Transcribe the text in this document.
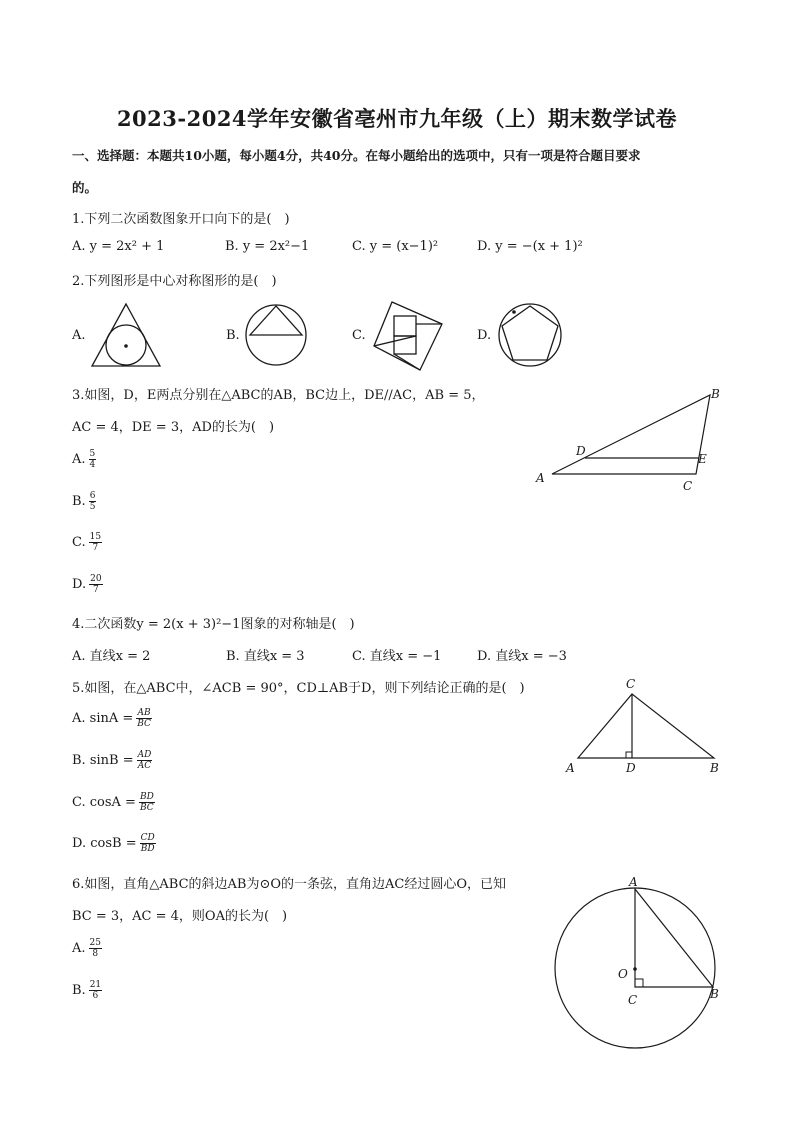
2023-2024学年安徽省亳州市九年级（上）期末数学试卷
一、选择题：本题共10小题，每小题4分，共40分。在每小题给出的选项中，只有一项是符合题目要求
的。
1.下列二次函数图象开口向下的是(　)
A. y = 2x² + 1	B. y = 2x²−1	C. y = (x−1)²	D. y = −(x + 1)²
2.下列图形是中心对称图形的是(　)
A.	B.	C.	D.
3.如图，D，E两点分别在△ABC的AB，BC边上，DE//AC，AB = 5，
AC = 4，DE = 3，AD的长为(　)
A. $\frac{5}{4}$
B. $\frac{6}{5}$
C. $\frac{15}{7}$
D. $\frac{20}{7}$
A
B
C
D
E
4.二次函数y = 2(x + 3)²−1图象的对称轴是(　)
A. 直线x = 2	B. 直线x = 3	C. 直线x = −1	D. 直线x = −3
5.如图，在△ABC中，∠ACB = 90°，CD⊥AB于D，则下列结论正确的是(　)
A. $\sin A = \frac{AB}{BC}$
B. $\sin B = \frac{AD}{AC}$
C. $\cos A = \frac{BD}{BC}$
D. $\cos B = \frac{CD}{BD}$
A	B
C
D
6.如图，直角△ABC的斜边AB为⊙O的一条弦，直角边AC经过圆心O，已知
BC = 3，AC = 4，则OA的长为(　)
A. $\frac{25}{8}$
B. $\frac{21}{6}$
A
B
C
O
